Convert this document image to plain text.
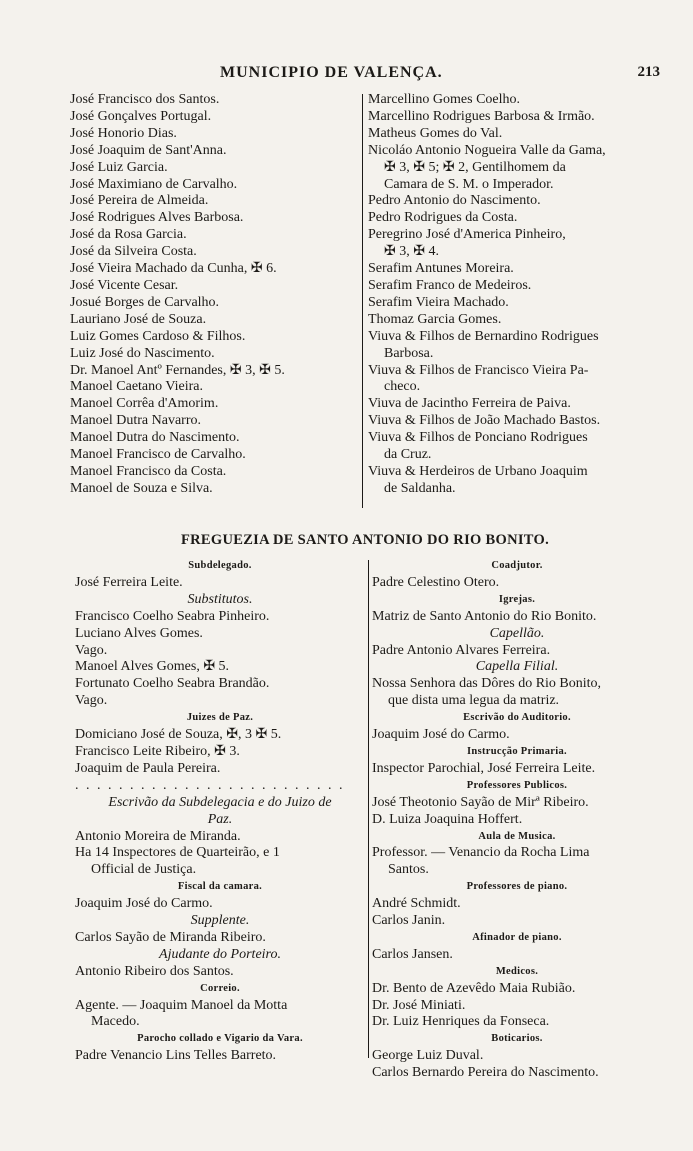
MUNICIPIO DE VALENÇA.	213
José Francisco dos Santos.
José Gonçalves Portugal.
José Honorio Dias.
José Joaquim de Sant'Anna.
José Luiz Garcia.
José Maximiano de Carvalho.
José Pereira de Almeida.
José Rodrigues Alves Barbosa.
José da Rosa Garcia.
José da Silveira Costa.
José Vieira Machado da Cunha, ✠ 6.
José Vicente Cesar.
Josué Borges de Carvalho.
Lauriano José de Souza.
Luiz Gomes Cardoso & Filhos.
Luiz José do Nascimento.
Dr. Manoel Antº Fernandes, ✠ 3, ✠ 5.
Manoel Caetano Vieira.
Manoel Corrêa d'Amorim.
Manoel Dutra Navarro.
Manoel Dutra do Nascimento.
Manoel Francisco de Carvalho.
Manoel Francisco da Costa.
Manoel de Souza e Silva.
Marcellino Gomes Coelho.
Marcellino Rodrigues Barbosa & Irmão.
Matheus Gomes do Val.
Nicoláo Antonio Nogueira Valle da Gama,
✠ 3, ✠ 5; ✠ 2, Gentilhomem da
Camara de S. M. o Imperador.
Pedro Antonio do Nascimento.
Pedro Rodrigues da Costa.
Peregrino José d'America Pinheiro,
✠ 3, ✠ 4.
Serafim Antunes Moreira.
Serafim Franco de Medeiros.
Serafim Vieira Machado.
Thomaz Garcia Gomes.
Viuva & Filhos de Bernardino Rodrigues
Barbosa.
Viuva & Filhos de Francisco Vieira Pa-
checo.
Viuva de Jacintho Ferreira de Paiva.
Viuva & Filhos de João Machado Bastos.
Viuva & Filhos de Ponciano Rodrigues
da Cruz.
Viuva & Herdeiros de Urbano Joaquim
de Saldanha.
FREGUEZIA DE SANTO ANTONIO DO RIO BONITO.
Subdelegado.
José Ferreira Leite.
Substitutos.
Francisco Coelho Seabra Pinheiro.
Luciano Alves Gomes.
Vago.
Manoel Alves Gomes, ✠ 5.
Fortunato Coelho Seabra Brandão.
Vago.
Juizes de Paz.
Domiciano José de Souza, ✠, 3 ✠ 5.
Francisco Leite Ribeiro, ✠ 3.
Joaquim de Paula Pereira.
. . . . . . . . . . . . . . . . . . . . . . . . .
Escrivão da Subdelegacia e do Juizo de
Paz.
Antonio Moreira de Miranda.
Ha 14 Inspectores de Quarteirão, e 1
Official de Justiça.
Fiscal da camara.
Joaquim José do Carmo.
Supplente.
Carlos Sayão de Miranda Ribeiro.
Ajudante do Porteiro.
Antonio Ribeiro dos Santos.
Correio.
Agente. — Joaquim Manoel da Motta
Macedo.
Parocho collado e Vigario da Vara.
Padre Venancio Lins Telles Barreto.
Coadjutor.
Padre Celestino Otero.
Igrejas.
Matriz de Santo Antonio do Rio Bonito.
Capellão.
Padre Antonio Alvares Ferreira.
Capella Filial.
Nossa Senhora das Dôres do Rio Bonito,
que dista uma legua da matriz.
Escrivão do Auditorio.
Joaquim José do Carmo.
Instrucção Primaria.
Inspector Parochial, José Ferreira Leite.
Professores Publicos.
José Theotonio Sayão de Mirª Ribeiro.
D. Luiza Joaquina Hoffert.
Aula de Musica.
Professor. — Venancio da Rocha Lima
Santos.
Professores de piano.
André Schmidt.
Carlos Janin.
Afinador de piano.
Carlos Jansen.
Medicos.
Dr. Bento de Azevêdo Maia Rubião.
Dr. José Miniati.
Dr. Luiz Henriques da Fonseca.
Boticarios.
George Luiz Duval.
Carlos Bernardo Pereira do Nascimento.
